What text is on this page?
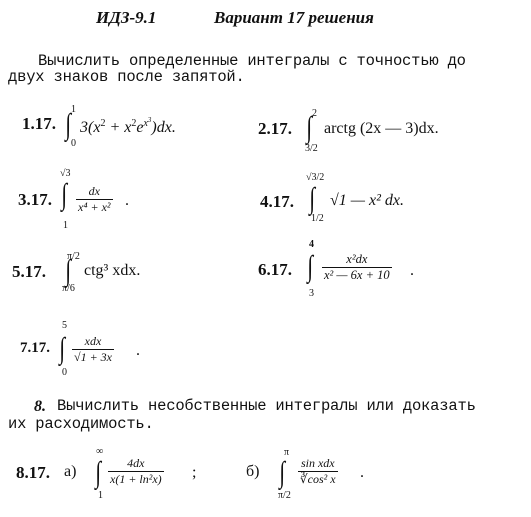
ИДЗ-9.1	Вариант 17 решения
Вычислить определенные интегралы с точностью до
двух знаков после запятой.
1.17.
1
∫
0
$3(x^2 + x^2e^{x^3})dx$.	2.17.
2
∫
3/2
arctg (2x — 3)dx.
3.17.
√3
∫
1
$\frac{dx}{\text{x⁴ + x²}}$ .	4.17.
√3/2
∫
1/2
√1 — x² dx.
5.17.
π/2
∫
π/6
ctg³ xdx.	6.17.
4
∫
3
$\frac{\text{x²dx}}{\text{x² — 6x + 10}}$ .
7.17.
5
∫
0
xdx
√1 + 3x .
8. Вычислить несобственные интегралы или доказать
их расходимость.
8.17. а)
∞
∫
1
$\frac{4dx}{\text{x(1 + ln²x)}}$ ;	б)
π
∫
π/2
sin xdx
∛cos² x .
